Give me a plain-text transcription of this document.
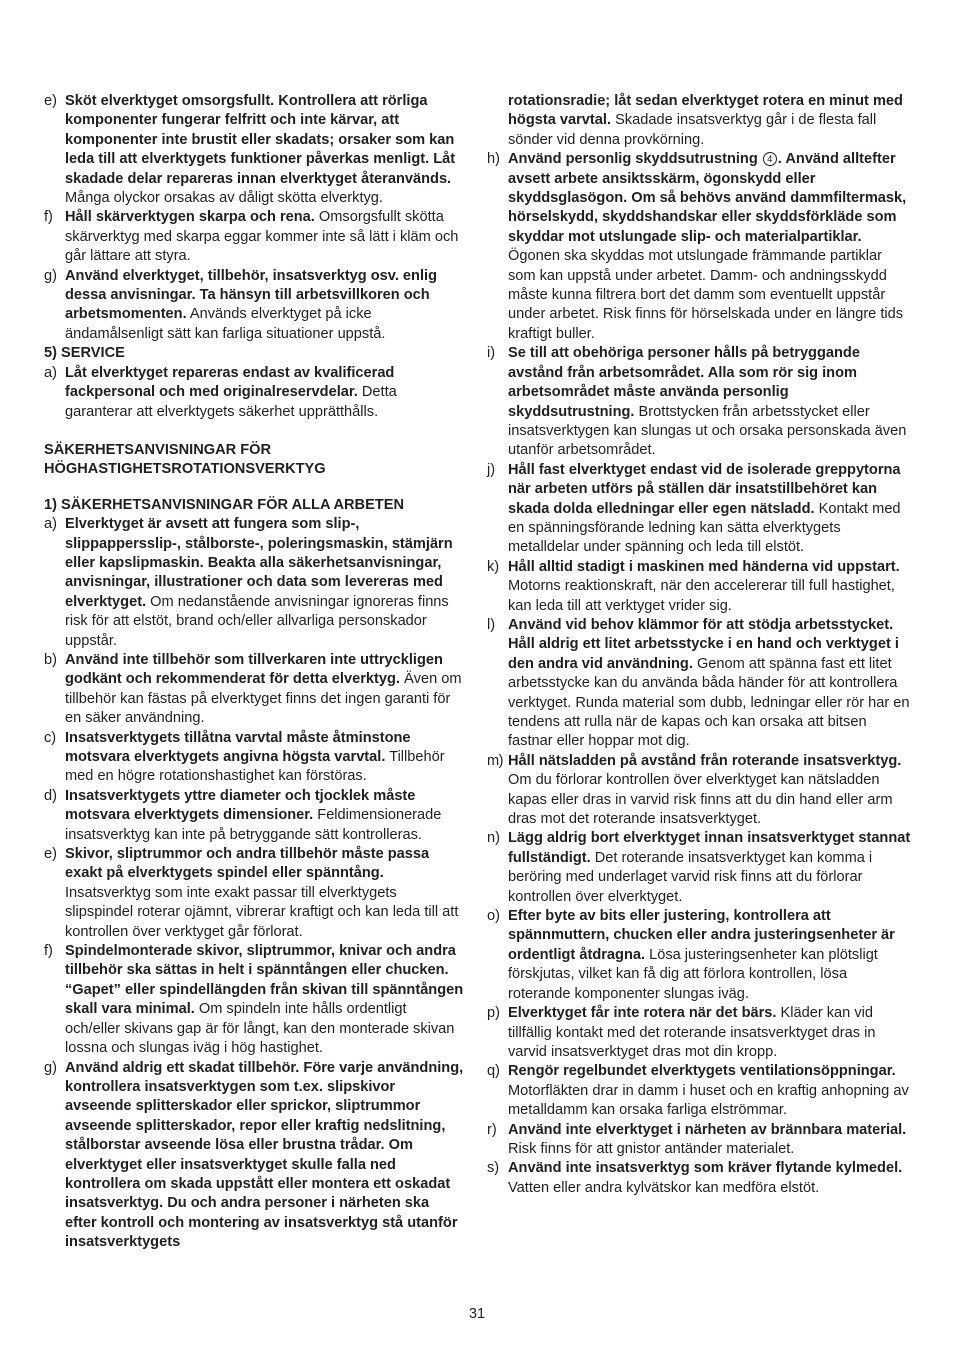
e) Sköt elverktyget omsorgsfullt. Kontrollera att rörliga komponenter fungerar felfritt och inte kärvar, att komponenter inte brustit eller skadats; orsaker som kan leda till att elverktygets funktioner påverkas menligt. Låt skadade delar repareras innan elverktyget återanvänds. Många olyckor orsakas av dåligt skötta elverktyg.

f) Håll skärverktygen skarpa och rena. Omsorgsfullt skötta skärverktyg med skarpa eggar kommer inte så lätt i kläm och går lättare att styra.

g) Använd elverktyget, tillbehör, insatsverktyg osv. enlig dessa anvisningar. Ta hänsyn till arbetsvillkoren och arbetsmomenten. Används elverktyget på icke ändamålsenligt sätt kan farliga situationer uppstå.

5) SERVICE

a) Låt elverktyget repareras endast av kvalificerad fackpersonal och med originalreservdelar. Detta garanterar att elverktygets säkerhet upprätthålls.

SÄKERHETSANVISNINGAR FÖR

HÖGHASTIGHETSROTATIONSVERKTYG

1) SÄKERHETSANVISNINGAR FÖR ALLA ARBETEN

a) Elverktyget är avsett att fungera som slip-, slippappersslip-, stålborste-, poleringsmaskin, stämjärn eller kapslipmaskin. Beakta alla säkerhetsanvisningar, anvisningar, illustrationer och data som levereras med elverktyget. Om nedanstående anvisningar ignoreras finns risk för att elstöt, brand och/eller allvarliga personskador uppstår.

b) Använd inte tillbehör som tillverkaren inte uttryckligen godkänt och rekommenderat för detta elverktyg. Även om tillbehör kan fästas på elverktyget finns det ingen garanti för en säker användning.

c) Insatsverktygets tillåtna varvtal måste åtminstone motsvara elverktygets angivna högsta varvtal. Tillbehör med en högre rotationshastighet kan förstöras.

d) Insatsverktygets yttre diameter och tjocklek måste motsvara elverktygets dimensioner. Feldimensionerade insatsverktyg kan inte på betryggande sätt kontrolleras.

e) Skivor, sliptrummor och andra tillbehör måste passa exakt på elverktygets spindel eller spänntång. Insatsverktyg som inte exakt passar till elverktygets slipspindel roterar ojämnt, vibrerar kraftigt och kan leda till att kontrollen över verktyget går förlorat.

f) Spindelmonterade skivor, sliptrummor, knivar och andra tillbehör ska sättas in helt i spänntången eller chucken. “Gapet” eller spindellängden från skivan till spänntången skall vara minimal. Om spindeln inte hålls ordentligt och/eller skivans gap är för långt, kan den monterade skivan lossna och slungas iväg i hög hastighet.

g) Använd aldrig ett skadat tillbehör. Före varje användning, kontrollera insatsverktygen som t.ex. slipskivor avseende splitterskador eller sprickor, sliptrummor avseende splitterskador, repor eller kraftig nedslitning, stålborstar avseende lösa eller brustna trådar. Om elverktyget eller insatsverktyget skulle falla ned kontrollera om skada uppstått eller montera ett oskadat insatsverktyg. Du och andra personer i närheten ska efter kontroll och montering av insatsverktyg stå utanför insatsverktygets

rotationsradie; låt sedan elverktyget rotera en minut med högsta varvtal. Skadade insatsverktyg går i de flesta fall sönder vid denna provkörning.

h) Använd personlig skyddsutrustning 4 . Använd alltefter avsett arbete ansiktsskärm, ögonskydd eller skyddsglasögon. Om så behövs använd dammfiltermask, hörselskydd, skyddshandskar eller skyddsförkläde som skyddar mot utslungade slip- och materialpartiklar. Ögonen ska skyddas mot utslungade främmande partiklar som kan uppstå under arbetet. Damm- och andningsskydd måste kunna filtrera bort det damm som eventuellt uppstår under arbetet. Risk finns för hörselskada under en längre tids kraftigt buller.

i) Se till att obehöriga personer hålls på betryggande avstånd från arbetsområdet. Alla som rör sig inom arbetsområdet måste använda personlig skyddsutrustning. Brottstycken från arbetsstycket eller insatsverktygen kan slungas ut och orsaka personskada även utanför arbetsområdet.

j) Håll fast elverktyget endast vid de isolerade greppytorna när arbeten utförs på ställen där insatstillbehöret kan skada dolda elledningar eller egen nätsladd. Kontakt med en spänningsförande ledning kan sätta elverktygets metalldelar under spänning och leda till elstöt.

k) Håll alltid stadigt i maskinen med händerna vid uppstart. Motorns reaktionskraft, när den accelererar till full hastighet, kan leda till att verktyget vrider sig.

l) Använd vid behov klämmor för att stödja arbetsstycket. Håll aldrig ett litet arbetsstycke i en hand och verktyget i den andra vid användning. Genom att spänna fast ett litet arbetsstycke kan du använda båda händer för att kontrollera verktyget. Runda material som dubb, ledningar eller rör har en tendens att rulla när de kapas och kan orsaka att bitsen fastnar eller hoppar mot dig.

m) Håll nätsladden på avstånd från roterande insatsverktyg. Om du förlorar kontrollen över elverktyget kan nätsladden kapas eller dras in varvid risk finns att du din hand eller arm dras mot det roterande insatsverktyget.

n) Lägg aldrig bort elverktyget innan insatsverktyget stannat fullständigt. Det roterande insatsverktyget kan komma i beröring med underlaget varvid risk finns att du förlorar kontrollen över elverktyget.

o) Efter byte av bits eller justering, kontrollera att spännmuttern, chucken eller andra justeringsenheter är ordentligt åtdragna. Lösa justeringsenheter kan plötsligt förskjutas, vilket kan få dig att förlora kontrollen, lösa roterande komponenter slungas iväg.

p) Elverktyget får inte rotera när det bärs. Kläder kan vid tillfällig kontakt med det roterande insatsverktyget dras in varvid insatsverktyget dras mot din kropp.

q) Rengör regelbundet elverktygets ventilationsöppningar. Motorfläkten drar in damm i huset och en kraftig anhopning av metalldamm kan orsaka farliga elströmmar.

r) Använd inte elverktyget i närheten av brännbara material. Risk finns för att gnistor antänder materialet.

s) Använd inte insatsverktyg som kräver flytande kylmedel. Vatten eller andra kylvätskor kan medföra elstöt.

31
